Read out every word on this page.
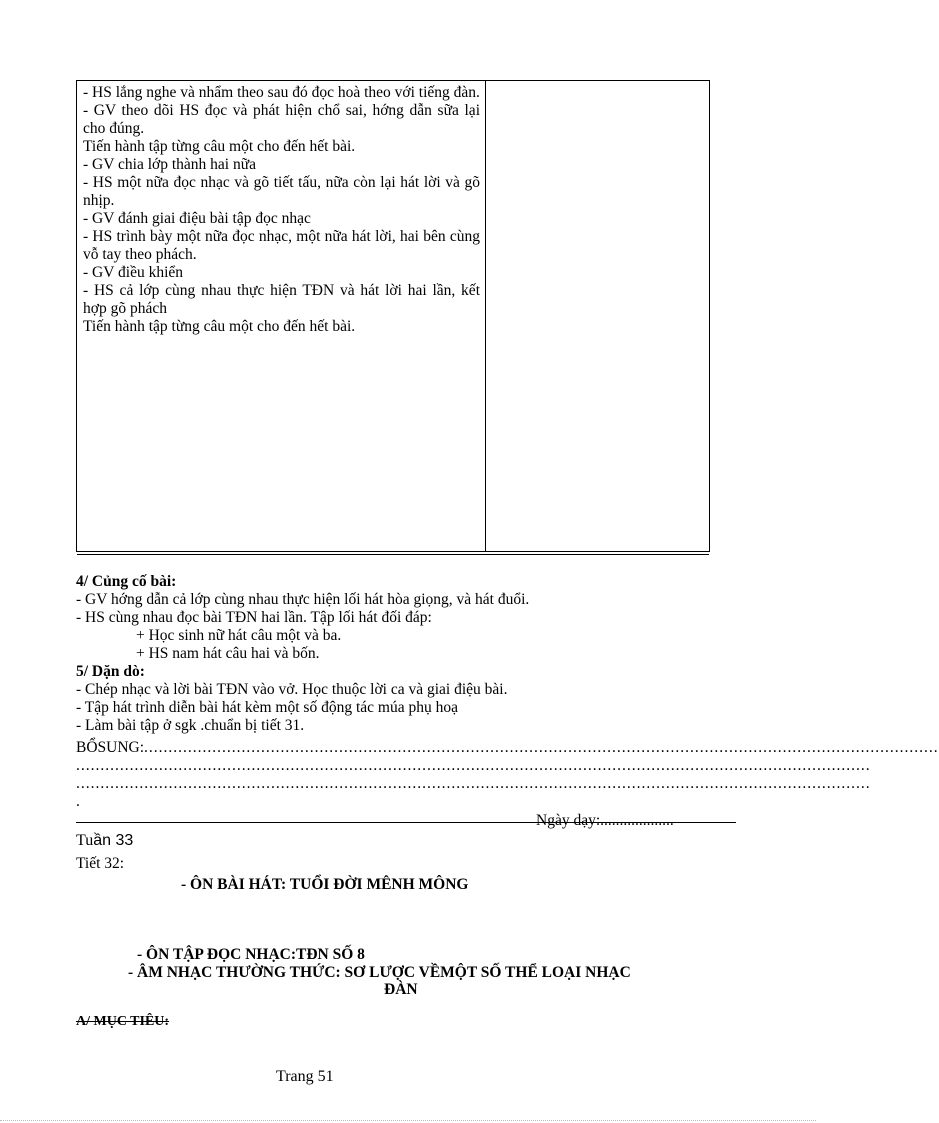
- HS lắng nghe và nhẩm theo sau đó đọc hoà theo với tiếng đàn.

- GV theo dõi HS đọc và phát hiện chổ sai, hớng dẫn sữa lại cho đúng.

Tiến hành tập từng câu một cho đến hết bài.

- GV chia lớp thành hai nữa

- HS một nữa đọc nhạc và gõ tiết tấu, nữa còn lại hát lời và gõ nhịp.

- GV đánh giai điệu bài tập đọc nhạc

- HS trình bày một nữa đọc nhạc, một nữa hát lời, hai bên cùng vỗ tay theo phách.

- GV điều khiển

- HS cả lớp cùng nhau thực hiện TĐN và hát lời hai lần, kết hợp gõ phách

Tiến hành tập từng câu một cho đến hết bài.

4/ Củng cố bài:

- GV hớng dẫn cả lớp cùng nhau thực hiện lối hát hòa giọng, và hát đuổi.

- HS cùng nhau đọc bài TĐN hai lần. Tập lối hát đối đáp:

+ Học sinh nữ hát câu một và ba.

+ HS nam hát câu hai và bốn.

5/ Dặn dò:

- Chép nhạc và lời bài TĐN vào vở. Học thuộc lời ca và giai điệu bài.

- Tập hát trình diễn bài hát kèm một số động tác múa phụ hoạ

- Làm bài tập ở sgk .chuẩn bị tiết 31.

BỔSUNG:...................................................................................................................................................................
...................................................................................................................................................................
...................................................................................................................................................................
.
Ngày dạy:...................
Tuần 33
Tiết 32:
- ÔN BÀI HÁT: TUỔI ĐỜI MÊNH MÔNG
- ÔN TẬP ĐỌC NHẠC:TĐN SỐ 8
- ÂM NHẠC THƯỜNG THỨC: SƠ LƯỢC VỀMỘT SỐ THỂ LOẠI NHẠC
ĐÀN
A/ MỤC TIÊU:
Trang 51
